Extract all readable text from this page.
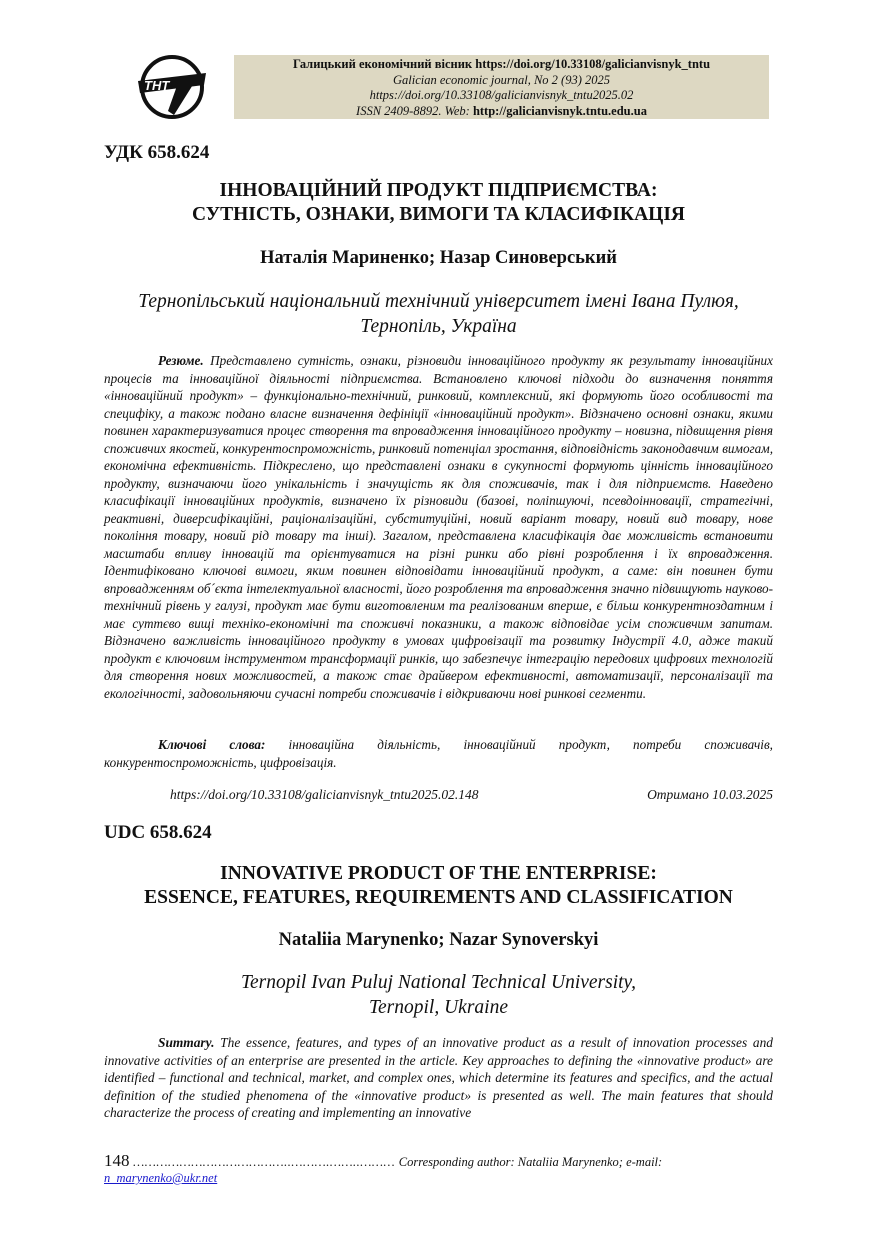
ТНТ
Галицький економічний вісник https://doi.org/10.33108/galicianvisnyk_tntu
Galician economic journal, No 2 (93) 2025
https://doi.org/10.33108/galicianvisnyk_tntu2025.02
ISSN 2409-8892. Web: http://galicianvisnyk.tntu.edu.ua
УДК 658.624
ІННОВАЦІЙНИЙ ПРОДУКТ ПІДПРИЄМСТВА:
СУТНІСТЬ, ОЗНАКИ, ВИМОГИ ТА КЛАСИФІКАЦІЯ
Наталія Мариненко; Назар Синоверський
Тернопільський національний технічний університет імені Івана Пулюя,
Тернопіль, Україна
Резюме. Представлено сутність, ознаки, різновиди інноваційного продукту як результату інноваційних процесів та інноваційної діяльності підприємства. Встановлено ключові підходи до визначення поняття «інноваційний продукт» – функціонально-технічний, ринковий, комплексний, які формують його особливості та специфіку, а також подано власне визначення дефініції «інноваційний продукт». Відзначено основні ознаки, якими повинен характеризуватися процес створення та впровадження інноваційного продукту – новизна, підвищення рівня споживчих якостей, конкурентоспроможність, ринковий потенціал зростання, відповідність законодавчим вимогам, економічна ефективність. Підкреслено, що представлені ознаки в сукупності формують цінність інноваційного продукту, визначаючи його унікальність і значущість як для споживачів, так і для підприємств. Наведено класифікації інноваційних продуктів, визначено їх різновиди (базові, поліпшуючі, псевдоінновації, стратегічні, реактивні, диверсифікаційні, раціоналізаційні, субституційні, новий варіант товару, новий вид товару, нове покоління товару, новий рід товару та інші). Загалом, представлена класифікація дає можливість встановити масштаби впливу інновацій та орієнтуватися на різні ринки або рівні розроблення і їх впровадження. Ідентифіковано ключові вимоги, яким повинен відповідати інноваційний продукт, а саме: він повинен бути впровадженням об´єкта інтелектуальної власності, його розроблення та впровадження значно підвищують науково-технічний рівень у галузі, продукт має бути виготовленим та реалізованим вперше, є більш конкурентноздатним і має суттєво вищі техніко-економічні та споживчі показники, а також відповідає усім споживчим запитам. Відзначено важливість інноваційного продукту в умовах цифровізації та розвитку Індустрії 4.0, адже такий продукт є ключовим інструментом трансформації ринків, що забезпечує інтеграцію передових цифрових технологій для створення нових можливостей, а також стає драйвером ефективності, автоматизації, персоналізації та екологічності, задовольняючи сучасні потреби споживачів і відкриваючи нові ринкові сегменти.
Ключові слова: інноваційна діяльність, інноваційний продукт, потреби споживачів, конкурентоспроможність, цифровізація.
https://doi.org/10.33108/galicianvisnyk_tntu2025.02.148	Отримано 10.03.2025
UDC 658.624
INNOVATIVE PRODUCT OF THE ENTERPRISE:
ESSENCE, FEATURES, REQUIREMENTS AND CLASSIFICATION
Nataliia Marynenko; Nazar Synoverskyi
Ternopil Ivan Puluj National Technical University,
Ternopil, Ukraine
Summary. The essence, features, and types of an innovative product as a result of innovation processes and innovative activities of an enterprise are presented in the article. Key approaches to defining the «innovative product» are identified – functional and technical, market, and complex ones, which determine its features and specifics, and the actual definition of the studied phenomena of the «innovative product» is presented as well. The main features that should characterize the process of creating and implementing an innovative
148 …………………………………..……….……..……… Corresponding author: Nataliia Marynenko; e-mail: n_marynenko@ukr.net
